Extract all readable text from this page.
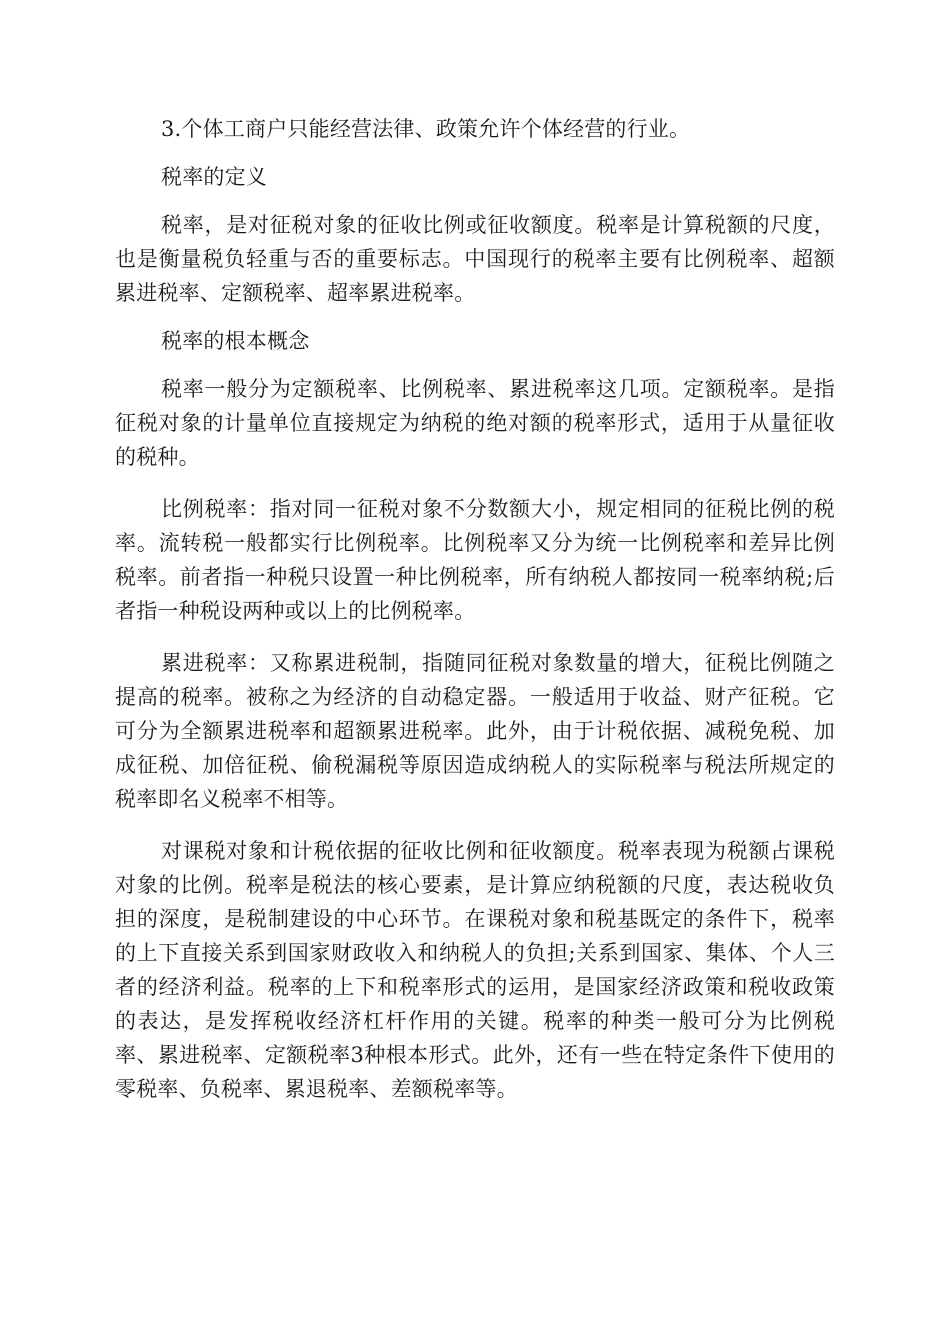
3.个体工商户只能经营法律、政策允许个体经营的行业。

税率的定义

税率，是对征税对象的征收比例或征收额度。税率是计算税额的尺度，也是衡量税负轻重与否的重要标志。中国现行的税率主要有比例税率、超额累进税率、定额税率、超率累进税率。

税率的根本概念

税率一般分为定额税率、比例税率、累进税率这几项。定额税率。是指征税对象的计量单位直接规定为纳税的绝对额的税率形式，适用于从量征收的税种。

比例税率：指对同一征税对象不分数额大小，规定相同的征税比例的税率。流转税一般都实行比例税率。比例税率又分为统一比例税率和差异比例税率。前者指一种税只设置一种比例税率，所有纳税人都按同一税率纳税;后者指一种税设两种或以上的比例税率。

累进税率：又称累进税制，指随同征税对象数量的增大，征税比例随之提高的税率。被称之为经济的自动稳定器。一般适用于收益、财产征税。它可分为全额累进税率和超额累进税率。此外，由于计税依据、减税免税、加成征税、加倍征税、偷税漏税等原因造成纳税人的实际税率与税法所规定的税率即名义税率不相等。

对课税对象和计税依据的征收比例和征收额度。税率表现为税额占课税对象的比例。税率是税法的核心要素，是计算应纳税额的尺度，表达税收负担的深度，是税制建设的中心环节。在课税对象和税基既定的条件下，税率的上下直接关系到国家财政收入和纳税人的负担;关系到国家、集体、个人三者的经济利益。税率的上下和税率形式的运用，是国家经济政策和税收政策的表达，是发挥税收经济杠杆作用的关键。税率的种类一般可分为比例税率、累进税率、定额税率3种根本形式。此外，还有一些在特定条件下使用的零税率、负税率、累退税率、差额税率等。
